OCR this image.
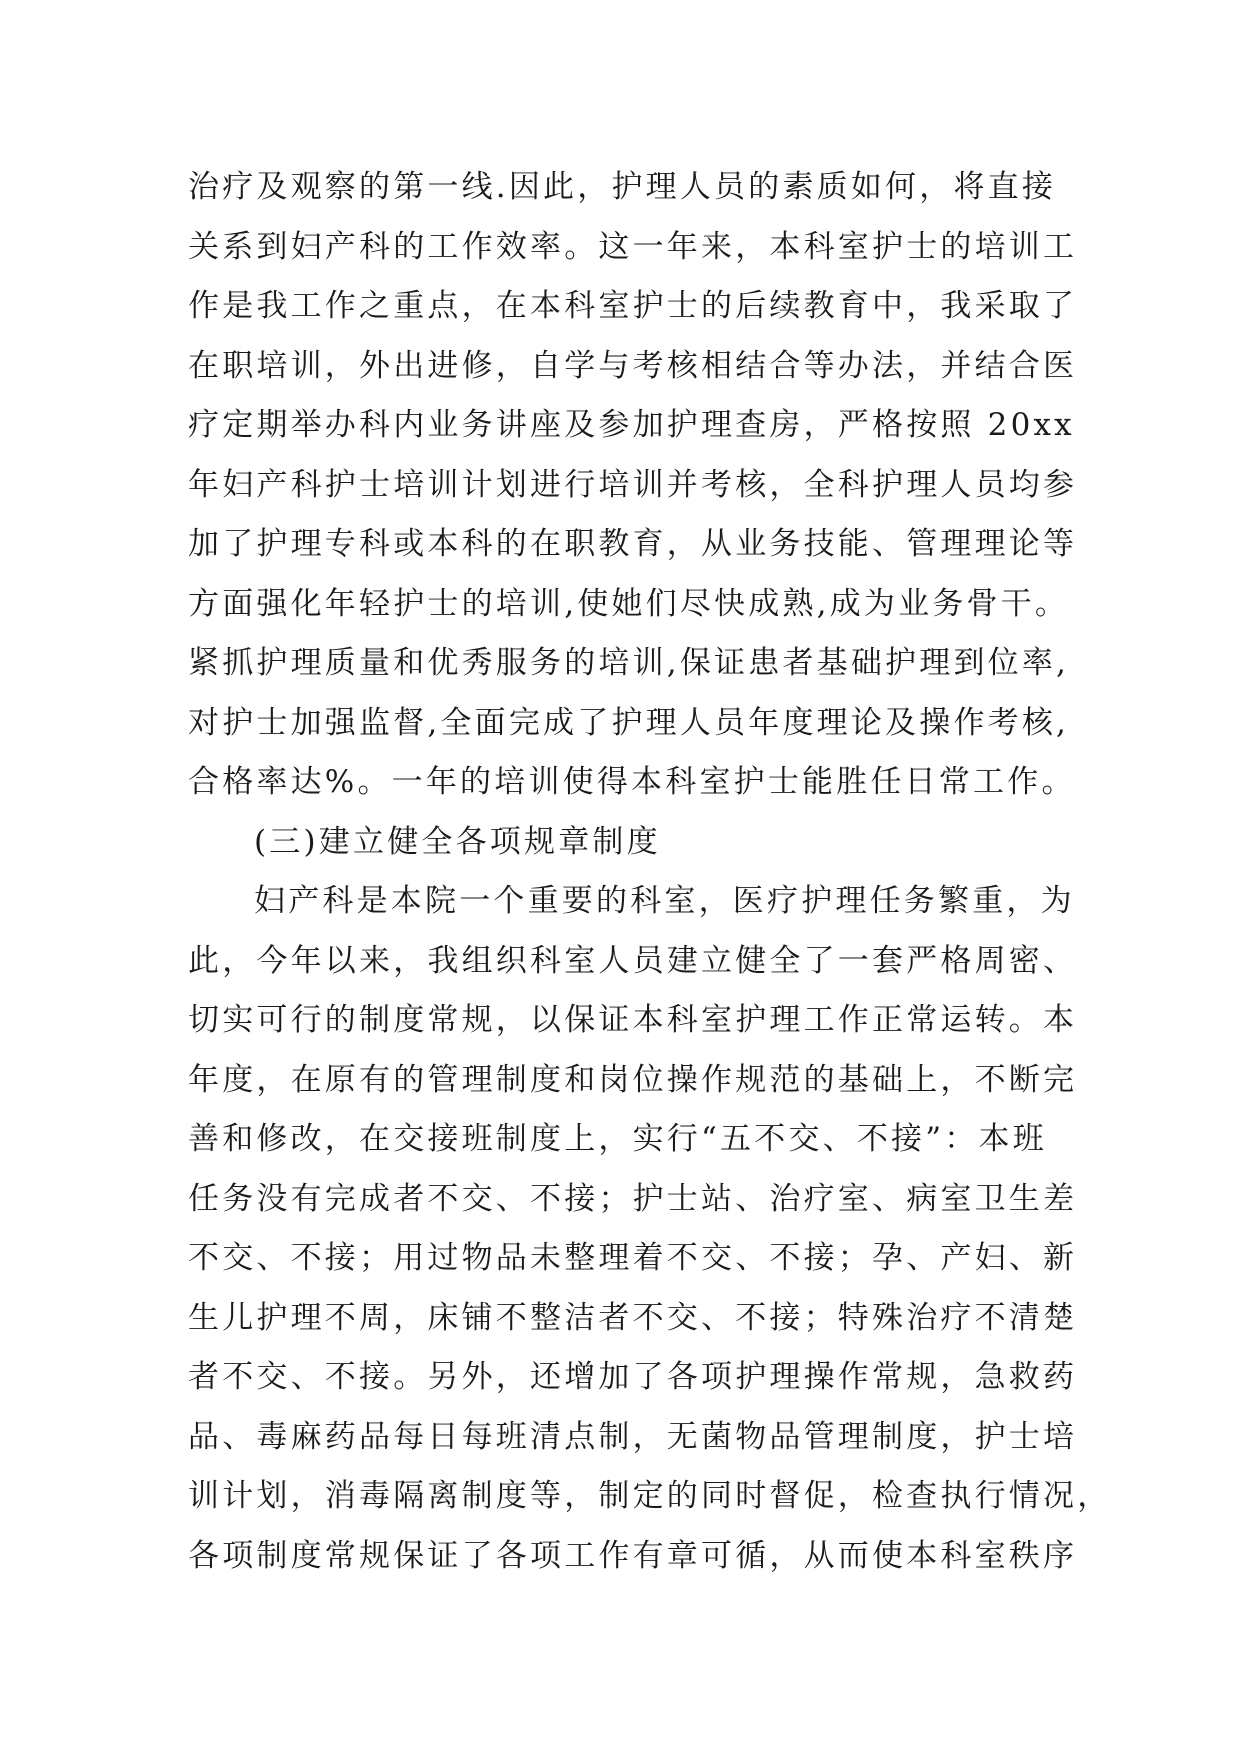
治疗及观察的第一线.因此，护理人员的素质如何，将直接
关系到妇产科的工作效率。这一年来，本科室护士的培训工
作是我工作之重点，在本科室护士的后续教育中，我采取了
在职培训，外出进修，自学与考核相结合等办法，并结合医
疗定期举办科内业务讲座及参加护理查房，严格按照 20xx
年妇产科护士培训计划进行培训并考核，全科护理人员均参
加了护理专科或本科的在职教育，从业务技能、管理理论等
方面强化年轻护士的培训,使她们尽快成熟,成为业务骨干。
紧抓护理质量和优秀服务的培训,保证患者基础护理到位率,
对护士加强监督,全面完成了护理人员年度理论及操作考核,
合格率达%。一年的培训使得本科室护士能胜任日常工作。
(三)建立健全各项规章制度
妇产科是本院一个重要的科室，医疗护理任务繁重，为
此，今年以来，我组织科室人员建立健全了一套严格周密、
切实可行的制度常规，以保证本科室护理工作正常运转。本
年度，在原有的管理制度和岗位操作规范的基础上，不断完
善和修改，在交接班制度上，实行“五不交、不接”：本班
任务没有完成者不交、不接；护士站、治疗室、病室卫生差
不交、不接；用过物品未整理着不交、不接；孕、产妇、新
生儿护理不周，床铺不整洁者不交、不接；特殊治疗不清楚
者不交、不接。另外，还增加了各项护理操作常规，急救药
品、毒麻药品每日每班清点制，无菌物品管理制度，护士培
训计划，消毒隔离制度等，制定的同时督促，检查执行情况，
各项制度常规保证了各项工作有章可循，从而使本科室秩序
